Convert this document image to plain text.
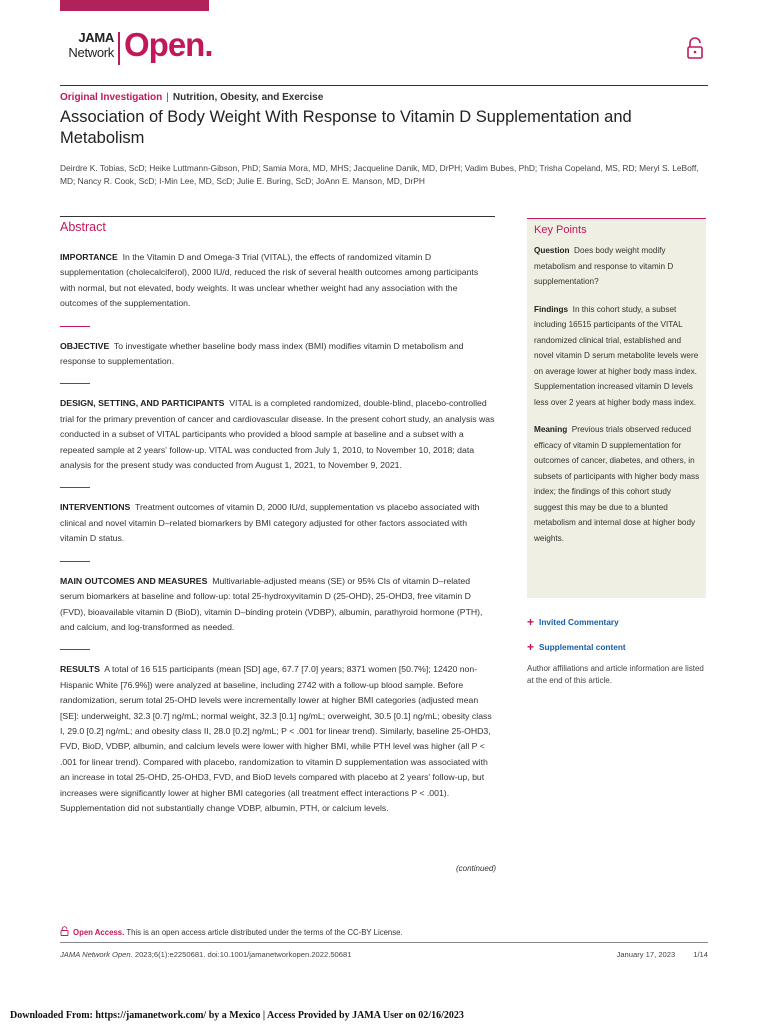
JAMA
Network Open.
Original Investigation | Nutrition, Obesity, and Exercise
Association of Body Weight With Response to Vitamin D Supplementation and Metabolism
Deirdre K. Tobias, ScD; Heike Luttmann-Gibson, PhD; Samia Mora, MD, MHS; Jacqueline Danik, MD, DrPH; Vadim Bubes, PhD; Trisha Copeland, MS, RD; Meryl S. LeBoff, MD; Nancy R. Cook, ScD; I-Min Lee, MD, ScD; Julie E. Buring, ScD; JoAnn E. Manson, MD, DrPH
Abstract
IMPORTANCE In the Vitamin D and Omega-3 Trial (VITAL), the effects of randomized vitamin D supplementation (cholecalciferol), 2000 IU/d, reduced the risk of several health outcomes among participants with normal, but not elevated, body weights. It was unclear whether weight had any association with the outcomes of the supplementation.
OBJECTIVE To investigate whether baseline body mass index (BMI) modifies vitamin D metabolism and response to supplementation.
DESIGN, SETTING, AND PARTICIPANTS VITAL is a completed randomized, double-blind, placebo-controlled trial for the primary prevention of cancer and cardiovascular disease. In the present cohort study, an analysis was conducted in a subset of VITAL participants who provided a blood sample at baseline and a subset with a repeated sample at 2 years' follow-up. VITAL was conducted from July 1, 2010, to November 10, 2018; data analysis for the present study was conducted from August 1, 2021, to November 9, 2021.
INTERVENTIONS Treatment outcomes of vitamin D, 2000 IU/d, supplementation vs placebo associated with clinical and novel vitamin D–related biomarkers by BMI category adjusted for other factors associated with vitamin D status.
MAIN OUTCOMES AND MEASURES Multivariable-adjusted means (SE) or 95% CIs of vitamin D–related serum biomarkers at baseline and follow-up: total 25-hydroxyvitamin D (25-OHD), 25-OHD3, free vitamin D (FVD), bioavailable vitamin D (BioD), vitamin D–binding protein (VDBP), albumin, parathyroid hormone (PTH), and calcium, and log-transformed as needed.
RESULTS A total of 16 515 participants (mean [SD] age, 67.7 [7.0] years; 8371 women [50.7%]; 12420 non-Hispanic White [76.9%]) were analyzed at baseline, including 2742 with a follow-up blood sample. Before randomization, serum total 25-OHD levels were incrementally lower at higher BMI categories (adjusted mean [SE]: underweight, 32.3 [0.7] ng/mL; normal weight, 32.3 [0.1] ng/mL; overweight, 30.5 [0.1] ng/mL; obesity class I, 29.0 [0.2] ng/mL; and obesity class II, 28.0 [0.2] ng/mL; P < .001 for linear trend). Similarly, baseline 25-OHD3, FVD, BioD, VDBP, albumin, and calcium levels were lower with higher BMI, while PTH level was higher (all P < .001 for linear trend). Compared with placebo, randomization to vitamin D supplementation was associated with an increase in total 25-OHD, 25-OHD3, FVD, and BioD levels compared with placebo at 2 years' follow-up, but increases were significantly lower at higher BMI categories (all treatment effect interactions P < .001). Supplementation did not substantially change VDBP, albumin, PTH, or calcium levels.
(continued)
Key Points

Question Does body weight modify metabolism and response to vitamin D supplementation?

Findings In this cohort study, a subset including 16515 participants of the VITAL randomized clinical trial, established and novel vitamin D serum metabolite levels were on average lower at higher body mass index. Supplementation increased vitamin D levels less over 2 years at higher body mass index.

Meaning Previous trials observed reduced efficacy of vitamin D supplementation for outcomes of cancer, diabetes, and others, in subsets of participants with higher body mass index; the findings of this cohort study suggest this may be due to a blunted metabolism and internal dose at higher body weights.

+ Invited Commentary
+ Supplemental content
Author affiliations and article information are listed at the end of this article.
Open Access. This is an open access article distributed under the terms of the CC-BY License.
JAMA Network Open. 2023;6(1):e2250681. doi:10.1001/jamanetworkopen.2022.50681	January 17, 2023 1/14
Downloaded From: https://jamanetwork.com/ by a Mexico | Access Provided by JAMA User on 02/16/2023
